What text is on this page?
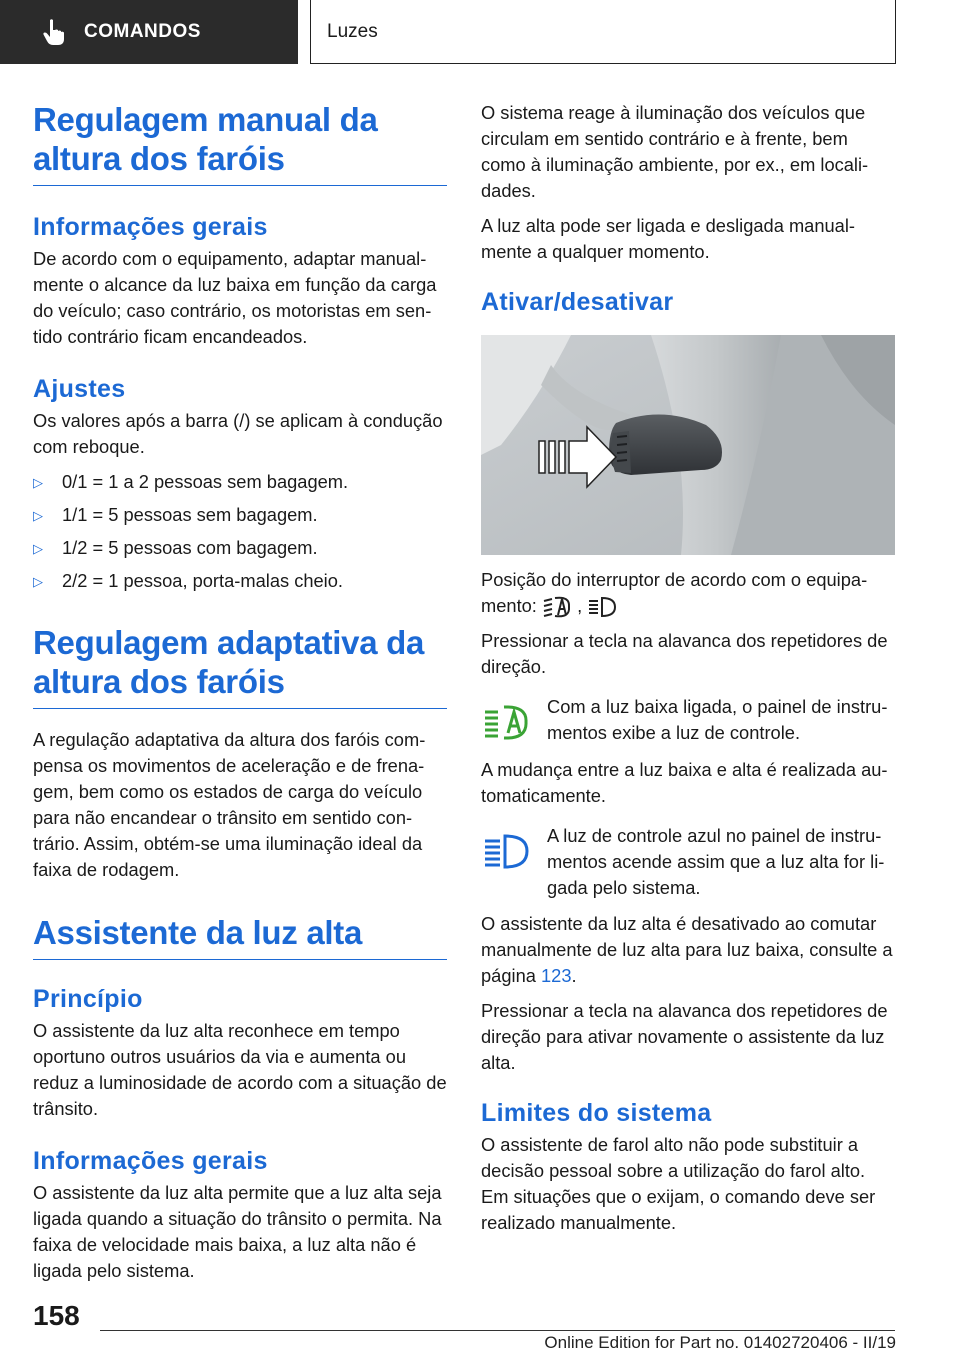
COMANDOS	Luzes
Regulagem manual da altura dos faróis
Informações gerais

De acordo com o equipamento, adaptar manualmente o alcance da luz baixa em função da carga do veículo; caso contrário, os motoristas em sentido contrário ficam encandeados.

Ajustes

Os valores após a barra (/) se aplicam à condução com reboque.

▷	0/1 = 1 a 2 pessoas sem bagagem.
▷	1/1 = 5 pessoas sem bagagem.
▷	1/2 = 5 pessoas com bagagem.
▷	2/2 = 1 pessoa, porta-malas cheio.
Regulagem adaptativa da altura dos faróis

A regulação adaptativa da altura dos faróis compensa os movimentos de aceleração e de frenagem, bem como os estados de carga do veículo para não encandear o trânsito em sentido contrário. Assim, obtém-se uma iluminação ideal da faixa de rodagem.

Assistente da luz alta
Princípio

O assistente da luz alta reconhece em tempo oportuno outros usuários da via e aumenta ou reduz a luminosidade de acordo com a situação de trânsito.

Informações gerais

O assistente da luz alta permite que a luz alta seja ligada quando a situação do trânsito o permita. Na faixa de velocidade mais baixa, a luz alta não é ligada pelo sistema.

O sistema reage à iluminação dos veículos que circulam em sentido contrário e à frente, bem como à iluminação ambiente, por ex., em localidades.

A luz alta pode ser ligada e desligada manualmente a qualquer momento.

Ativar/desativar

Posição do interruptor de acordo com o equipamento: ,

Pressionar a tecla na alavanca dos repetidores de direção.

Com a luz baixa ligada, o painel de instrumentos exibe a luz de controle.

A mudança entre a luz baixa e alta é realizada automaticamente.

A luz de controle azul no painel de instrumentos acende assim que a luz alta for ligada pelo sistema.

O assistente da luz alta é desativado ao comutar manualmente de luz alta para luz baixa, consulte a página 123.

Pressionar a tecla na alavanca dos repetidores de direção para ativar novamente o assistente da luz alta.

Limites do sistema

O assistente de farol alto não pode substituir a decisão pessoal sobre a utilização do farol alto. Em situações que o exijam, o comando deve ser realizado manualmente.

158
Online Edition for Part no. 01402720406 - II/19
